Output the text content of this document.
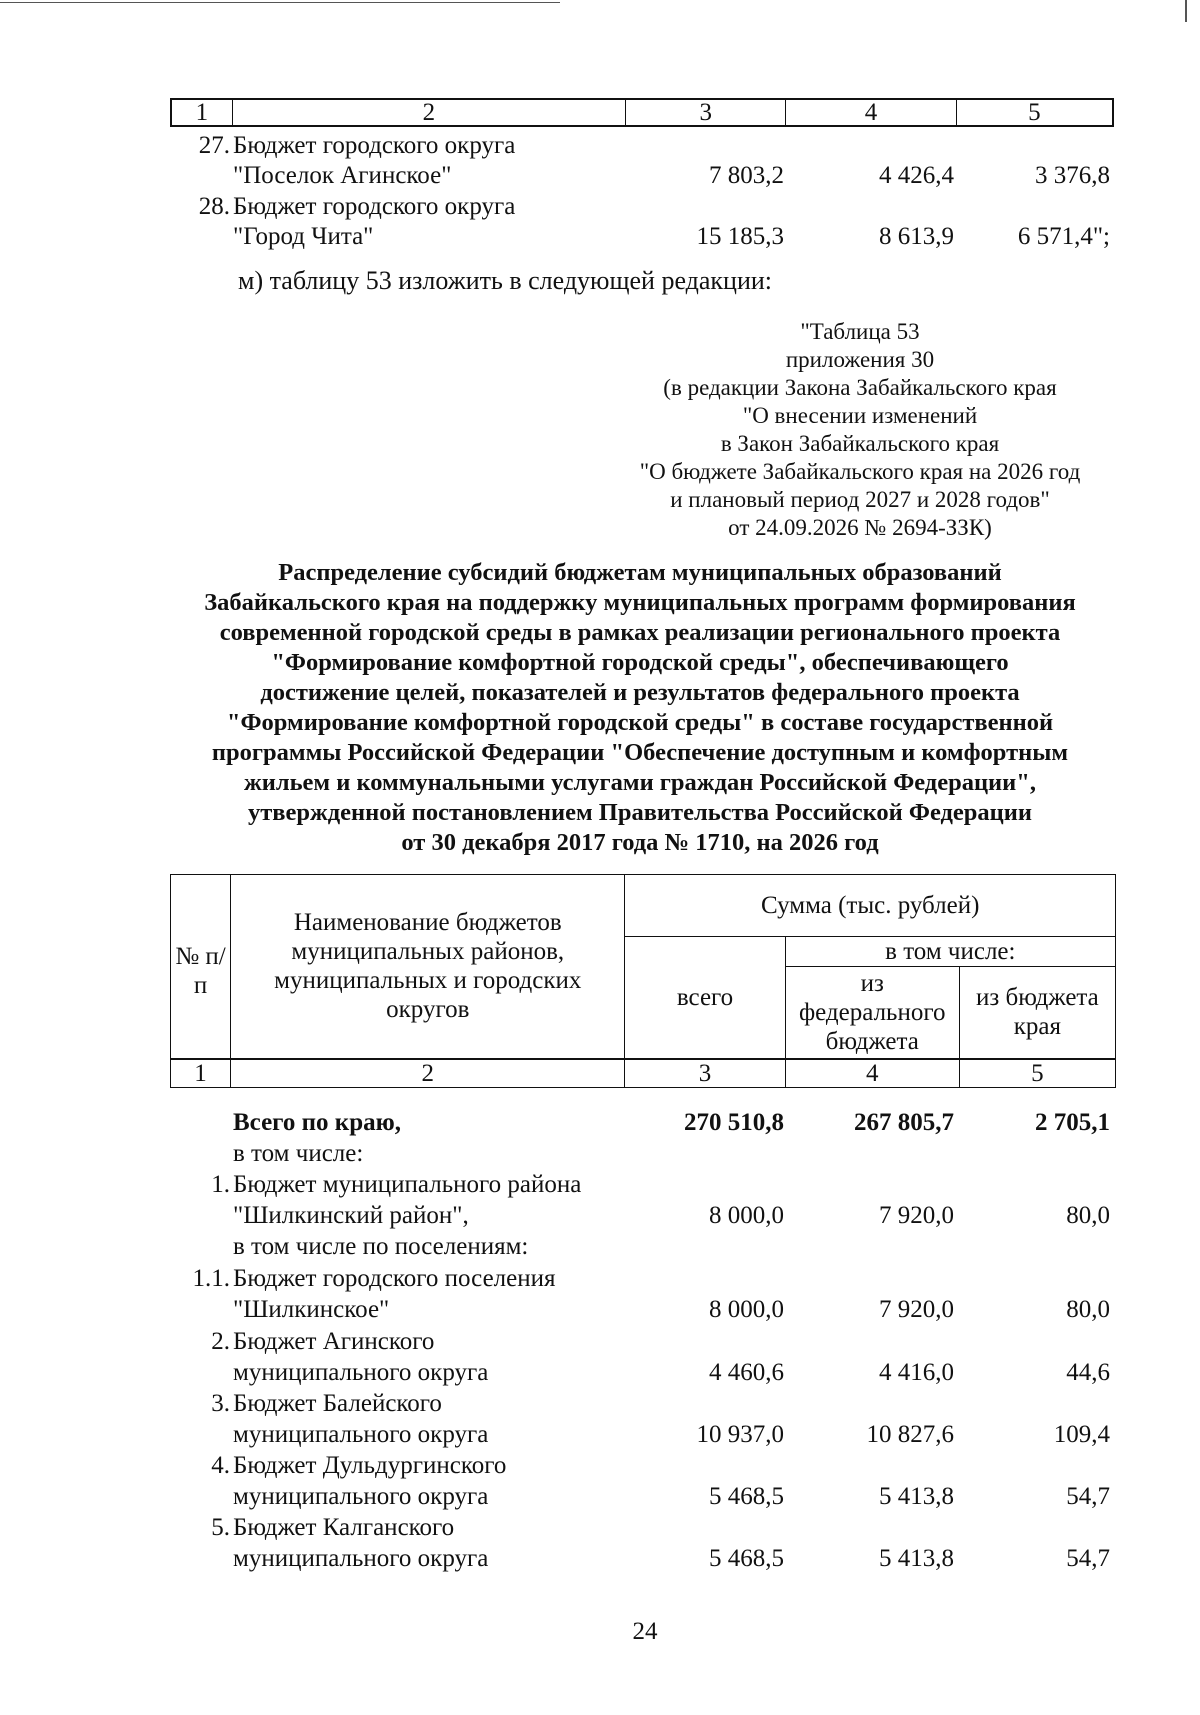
1	2	3	4	5
27. Бюджет городского округа
"Поселок Агинское"	7 803,2	4 426,4	3 376,8
28. Бюджет городского округа
"Город Чита"	15 185,3	8 613,9	6 571,4";
м) таблицу 53 изложить в следующей редакции:
"Таблица 53
приложения 30
(в редакции Закона Забайкальского края
"О внесении изменений
в Закон Забайкальского края
"О бюджете Забайкальского края на 2026 год
и плановый период 2027 и 2028 годов"
от 24.09.2026 № 2694-ЗЗК)
Распределение субсидий бюджетам муниципальных образований
Забайкальского края на поддержку муниципальных программ формирования
современной городской среды в рамках реализации регионального проекта
"Формирование комфортной городской среды", обеспечивающего
достижение целей, показателей и результатов федерального проекта
"Формирование комфортной городской среды" в составе государственной
программы Российской Федерации "Обеспечение доступным и комфортным
жильем и коммунальными услугами граждан Российской Федерации",
утвержденной постановлением Правительства Российской Федерации
от 30 декабря 2017 года № 1710, на 2026 год
№ п/п	Наименование бюджетов муниципальных районов, муниципальных и городских округов	Сумма (тыс. рублей)		
		всего	в том числе:	
			из федерального бюджета	из бюджета края
1	2	3	4	5
Всего по краю,	270 510,8	267 805,7	2 705,1
в том числе:
1. Бюджет муниципального района
"Шилкинский район",	8 000,0	7 920,0	80,0
в том числе по поселениям:
1.1. Бюджет городского поселения
"Шилкинское"	8 000,0	7 920,0	80,0
2. Бюджет Агинского
муниципального округа	4 460,6	4 416,0	44,6
3. Бюджет Балейского
муниципального округа	10 937,0	10 827,6	109,4
4. Бюджет Дульдургинского
муниципального округа	5 468,5	5 413,8	54,7
5. Бюджет Калганского
муниципального округа	5 468,5	5 413,8	54,7
24
